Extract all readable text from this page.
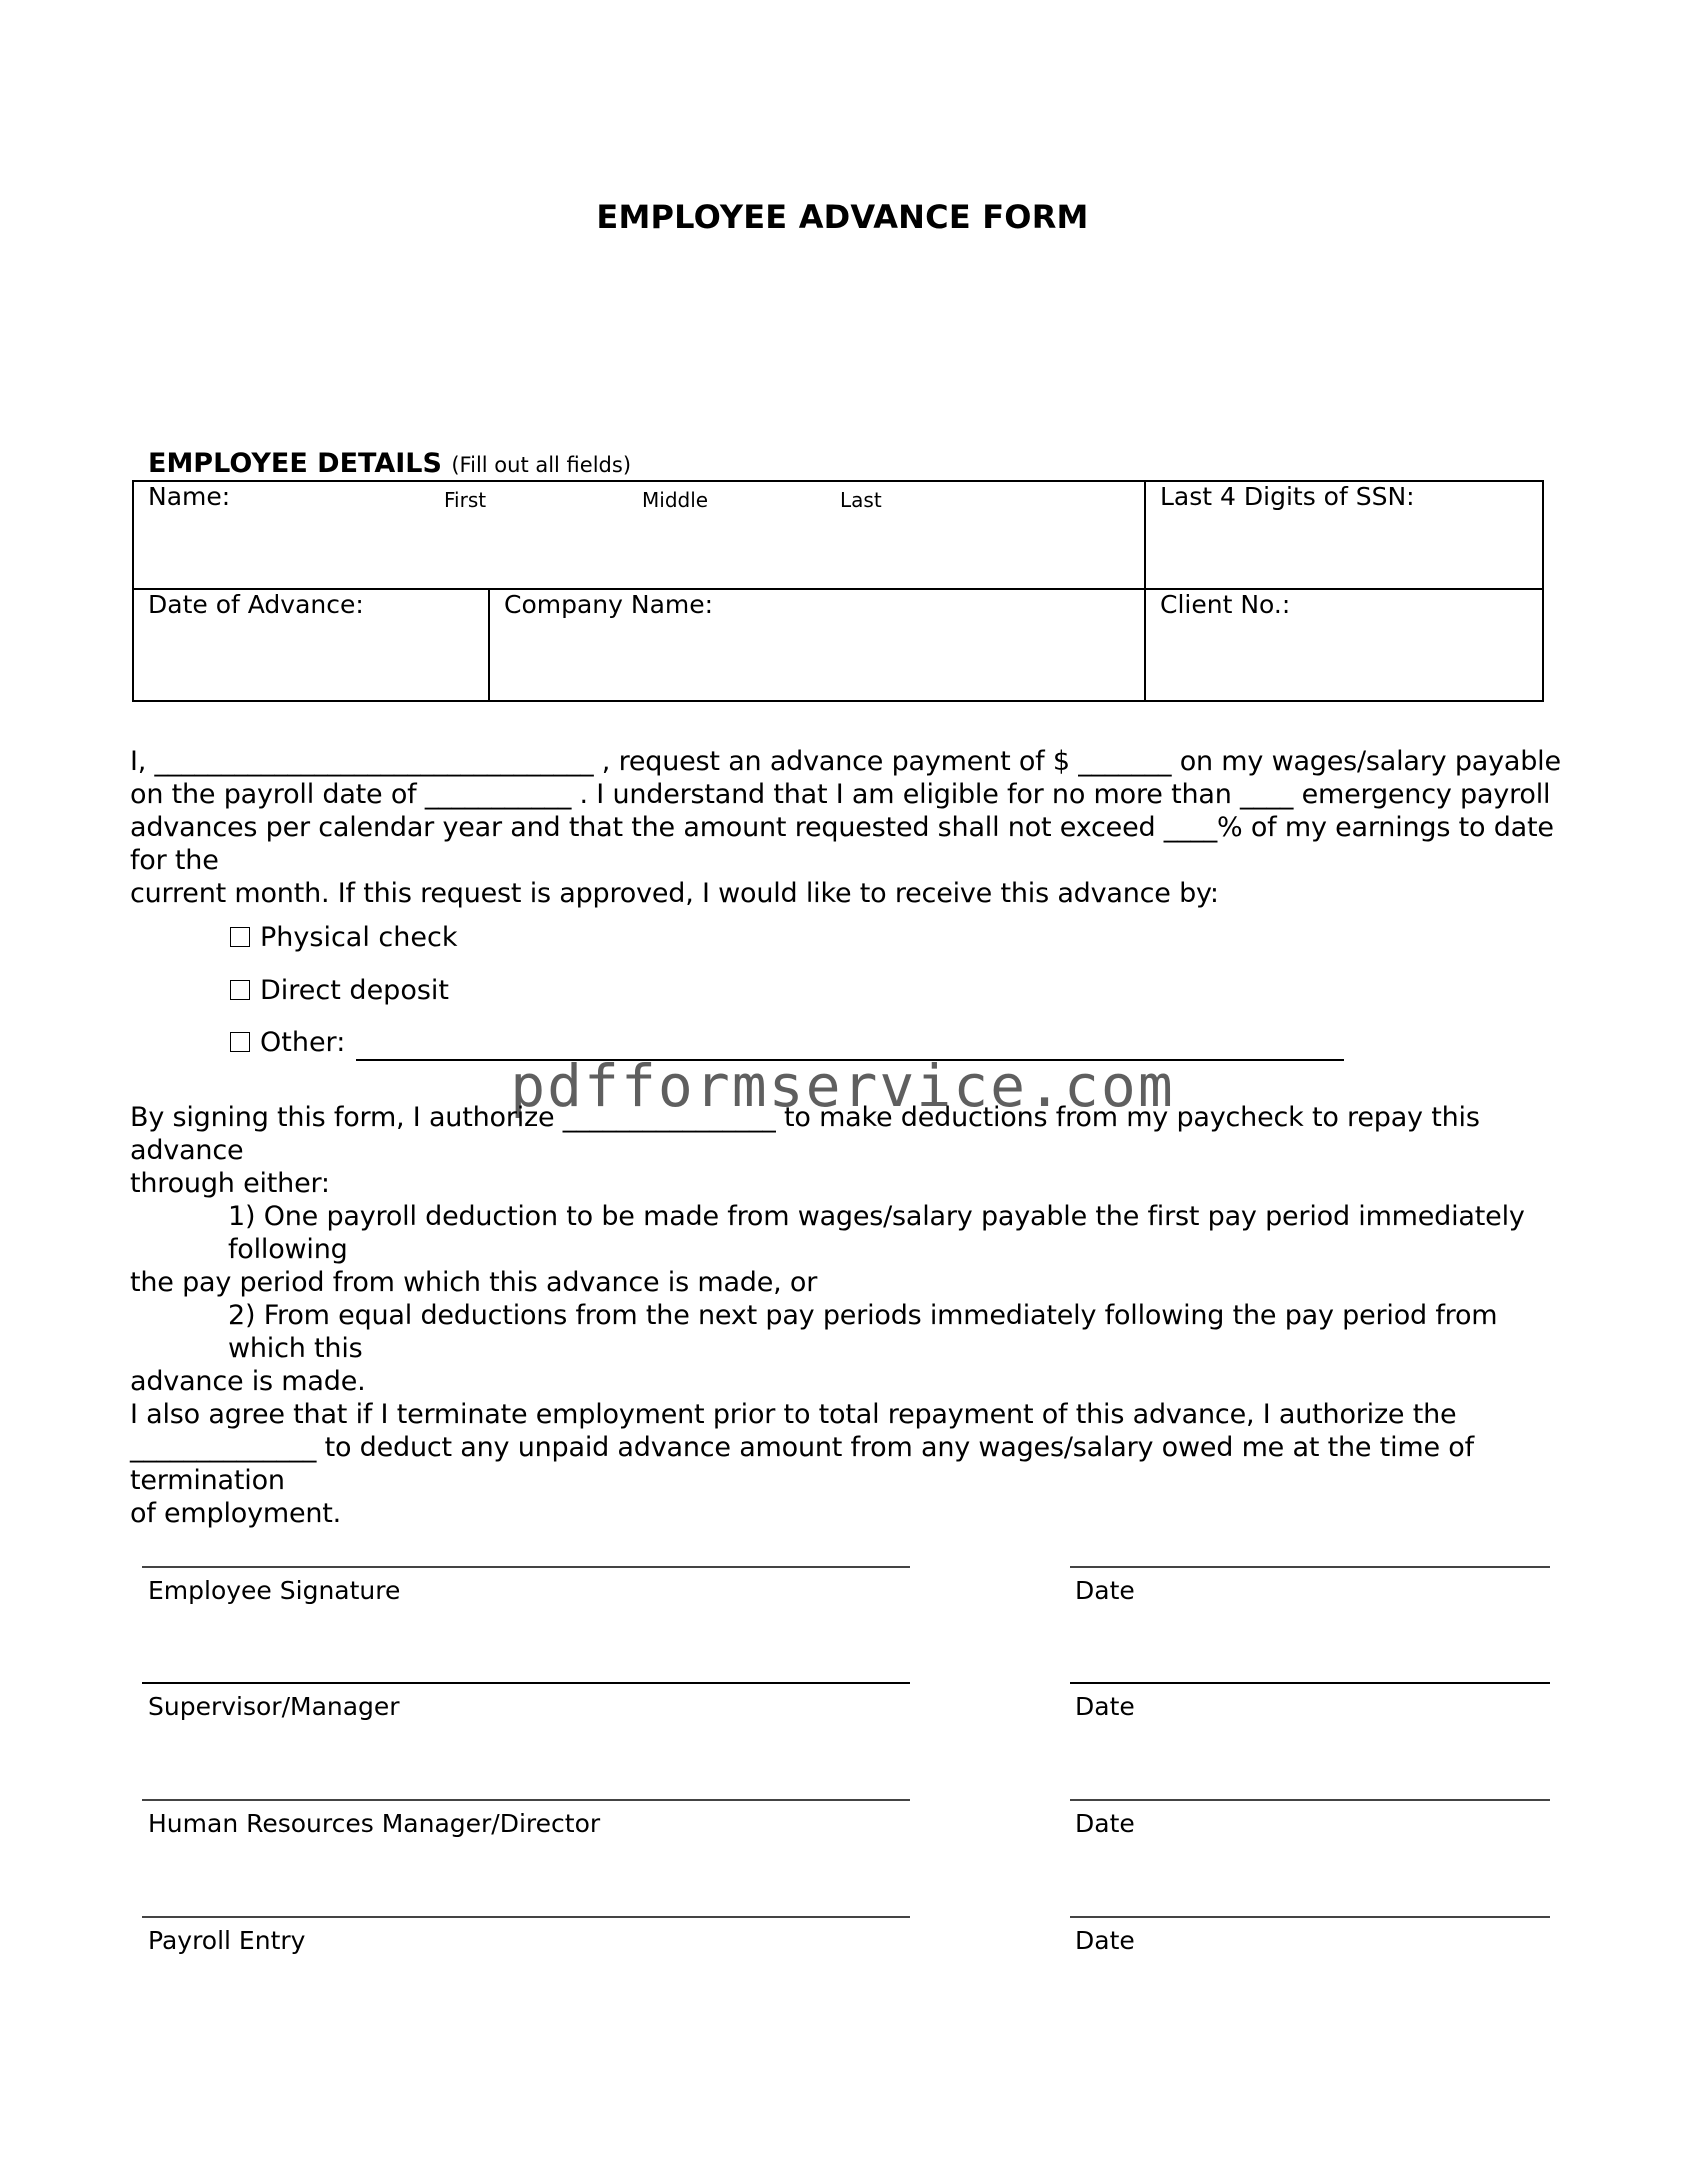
EMPLOYEE ADVANCE FORM
EMPLOYEE DETAILS (Fill out all fields)
Name:	First	Middle	Last	Last 4 Digits of SSN:
Date of Advance:	Company Name:	Client No.:

I, _________________________________ , request an advance payment of $ _______ on my wages/salary payable

on the payroll date of ___________ . I understand that I am eligible for no more than ____ emergency payroll

advances per calendar year and that the amount requested shall not exceed ____% of my earnings to date for the

current month. If this request is approved, I would like to receive this advance by:

Physical check
Direct deposit
Other:
pdfformservice.com

By signing this form, I authorize ________________ to make deductions from my paycheck to repay this advance

through either:

1) One payroll deduction to be made from wages/salary payable the first pay period immediately following

the pay period from which this advance is made, or

2) From equal deductions from the next pay periods immediately following the pay period from which this

advance is made.

I also agree that if I terminate employment prior to total repayment of this advance, I authorize the

______________ to deduct any unpaid advance amount from any wages/salary owed me at the time of termination

of employment.

Employee Signature	Date
Supervisor/Manager	Date
Human Resources Manager/Director	Date
Payroll Entry	Date
